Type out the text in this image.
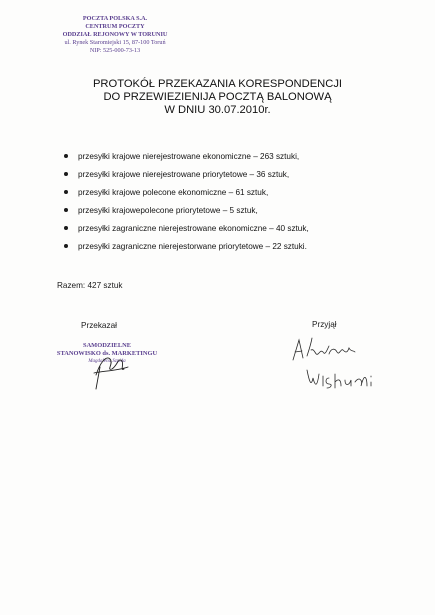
POCZTA POLSKA S.A.
CENTRUM POCZTY
ODDZIAŁ REJONOWY W TORUNIU
ul. Rynek Staromiejski 15, 87-100 Toruń
NIP: 525-000-73-13
PROTOKÓŁ PRZEKAZANIA KORESPONDENCJI
DO PRZEWIEZIENIJA POCZTĄ BALONOWĄ
W DNIU 30.07.2010r.
przesyłki krajowe nierejestrowane ekonomiczne – 263 sztuki,
przesyłki krajowe nierejestrowane priorytetowe – 36 sztuk,
przesyłki krajowe polecone ekonomiczne – 61 sztuk,
przesyłki krajowepolecone priorytetowe – 5 sztuk,
przesyłki zagraniczne nierejestrowane ekonomiczne – 40 sztuk,
przesyłki zagraniczne nierejestorwane priorytetowe – 22 sztuki.
Razem: 427 sztuk
Przekazał	Przyjął
SAMODZIELNE
STANOWISKO ds. MARKETINGU
Magdalena Szpida
